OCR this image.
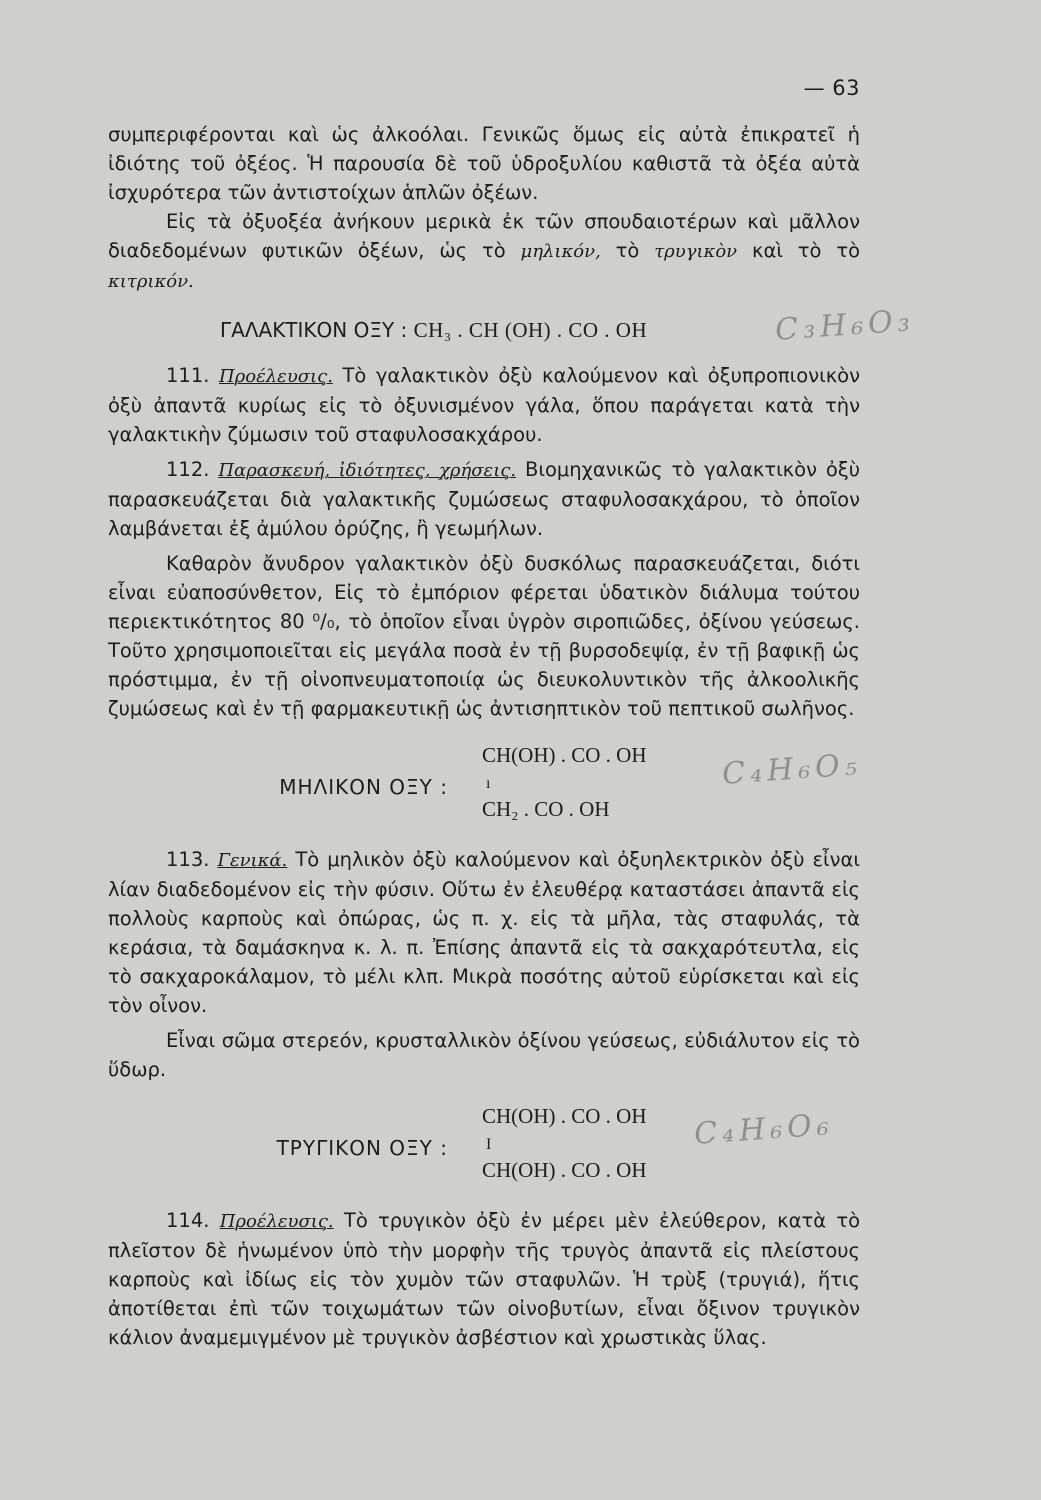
— 63

συμπεριφέρονται καὶ ὡς ἀλκοόλαι. Γενικῶς ὅμως εἰς αὐτὰ ἐπικρατεῖ ἡ ἰδιότης τοῦ ὀξέος. Ἡ παρουσία δὲ τοῦ ὑδροξυλίου καθιστᾶ τὰ ὀξέα αὐτὰ ἰσχυρότερα τῶν ἀντιστοίχων ἁπλῶν ὀξέων.

Εἰς τὰ ὀξυοξέα ἀνήκουν μερικὰ ἐκ τῶν σπουδαιοτέρων καὶ μᾶλλον διαδεδομένων φυτικῶν ὀξέων, ὡς τὸ μηλικόν, τὸ τρυγικὸν καὶ τὸ τὸ κιτρικόν.

ΓΑΛΑΚΤΙΚΟΝ ΟΞΥ : CH₃ . CH (OH) . CO . OH

111. Προέλευσις. Τὸ γαλακτικὸν ὀξὺ καλούμενον καὶ ὀξυπροπιονικὸν ὀξὺ ἀπαντᾶ κυρίως εἰς τὸ ὀξυνισμένον γάλα, ὅπου παράγεται κατὰ τὴν γαλακτικὴν ζύμωσιν τοῦ σταφυλοσακχάρου.

112. Παρασκευή, ἰδιότητες, χρήσεις. Βιομηχανικῶς τὸ γαλακτικὸν ὀξὺ παρασκευάζεται διὰ γαλακτικῆς ζυμώσεως σταφυλοσακχάρου, τὸ ὁποῖον λαμβάνεται ἐξ ἀμύλου ὀρύζης, ἢ γεωμήλων.

Καθαρὸν ἄνυδρον γαλακτικὸν ὀξὺ δυσκόλως παρασκευάζεται, διότι εἶναι εὐαποσύνθετον, Εἰς τὸ ἐμπόριον φέρεται ὑδατικὸν διάλυμα τούτου περιεκτικότητος 80 ⁰/₀, τὸ ὁποῖον εἶναι ὑγρὸν σιροπιῶδες, ὀξίνου γεύσεως. Τοῦτο χρησιμοποιεῖται εἰς μεγάλα ποσὰ ἐν τῇ βυρσοδεψίᾳ, ἐν τῇ βαφικῇ ὡς πρόστιμμα, ἐν τῇ οἰνοπνευματοποιίᾳ ὡς διευκολυντικὸν τῆς ἀλκοολικῆς ζυμώσεως καὶ ἐν τῇ φαρμακευτικῇ ὡς ἀντισηπτικὸν τοῦ πεπτικοῦ σωλῆνος.

ΜΗΛΙΚΟΝ ΟΞΥ :
CH(OH) . CO . OH
ı
CH₂ . CO . OH

113. Γενικά. Τὸ μηλικὸν ὀξὺ καλούμενον καὶ ὀξυηλεκτρικὸν ὀξὺ εἶναι λίαν διαδεδομένον εἰς τὴν φύσιν. Οὕτω ἐν ἐλευθέρᾳ καταστάσει ἀπαντᾶ εἰς πολλοὺς καρποὺς καὶ ὀπώρας, ὡς π. χ. εἰς τὰ μῆλα, τὰς σταφυλάς, τὰ κεράσια, τὰ δαμάσκηνα κ. λ. π. Ἐπίσης ἀπαντᾶ εἰς τὰ σακχαρότευτλα, εἰς τὸ σακχαροκάλαμον, τὸ μέλι κλπ. Μικρὰ ποσότης αὐτοῦ εὑρίσκεται καὶ εἰς τὸν οἶνον.

Εἶναι σῶμα στερεόν, κρυσταλλικὸν ὀξίνου γεύσεως, εὐδιάλυτον εἰς τὸ ὕδωρ.

ΤΡΥΓΙΚΟΝ ΟΞΥ :
CH(OH) . CO . OH
I
CH(OH) . CO . OH

114. Προέλευσις. Τὸ τρυγικὸν ὀξὺ ἐν μέρει μὲν ἐλεύθερον, κατὰ τὸ πλεῖστον δὲ ἡνωμένον ὑπὸ τὴν μορφὴν τῆς τρυγὸς ἀπαντᾶ εἰς πλείστους καρποὺς καὶ ἰδίως εἰς τὸν χυμὸν τῶν σταφυλῶν. Ἡ τρὺξ (τρυγιά), ἥτις ἀποτίθεται ἐπὶ τῶν τοιχωμάτων τῶν οἰνοβυτίων, εἶναι ὄξινον τρυγικὸν κάλιον ἀναμεμιγμένον μὲ τρυγικὸν ἀσβέστιον καὶ χρωστικὰς ὕλας.

C₃H₆O₃
C₄H₆O₅
C₄H₆O₆
